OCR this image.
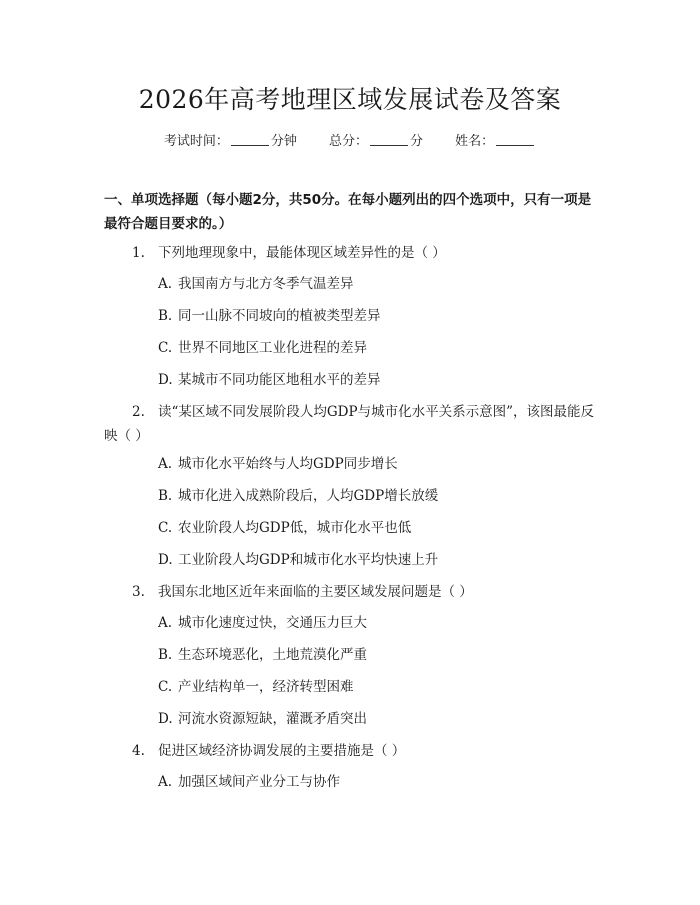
2026年高考地理区域发展试卷及答案
考试时间：	分钟 总分：	分 姓名：
一、单项选择题（每小题2分，共50分。在每小题列出的四个选项中，只有一项是最符合题目要求的。）
1. 下列地理现象中，最能体现区域差异性的是（ ）
A. 我国南方与北方冬季气温差异
B. 同一山脉不同坡向的植被类型差异
C. 世界不同地区工业化进程的差异
D. 某城市不同功能区地租水平的差异
2. 读“某区域不同发展阶段人均GDP与城市化水平关系示意图”，该图最能反映（ ）
A. 城市化水平始终与人均GDP同步增长
B. 城市化进入成熟阶段后，人均GDP增长放缓
C. 农业阶段人均GDP低，城市化水平也低
D. 工业阶段人均GDP和城市化水平均快速上升
3. 我国东北地区近年来面临的主要区域发展问题是（ ）
A. 城市化速度过快，交通压力巨大
B. 生态环境恶化，土地荒漠化严重
C. 产业结构单一，经济转型困难
D. 河流水资源短缺，灌溉矛盾突出
4. 促进区域经济协调发展的主要措施是（ ）
A. 加强区域间产业分工与协作
